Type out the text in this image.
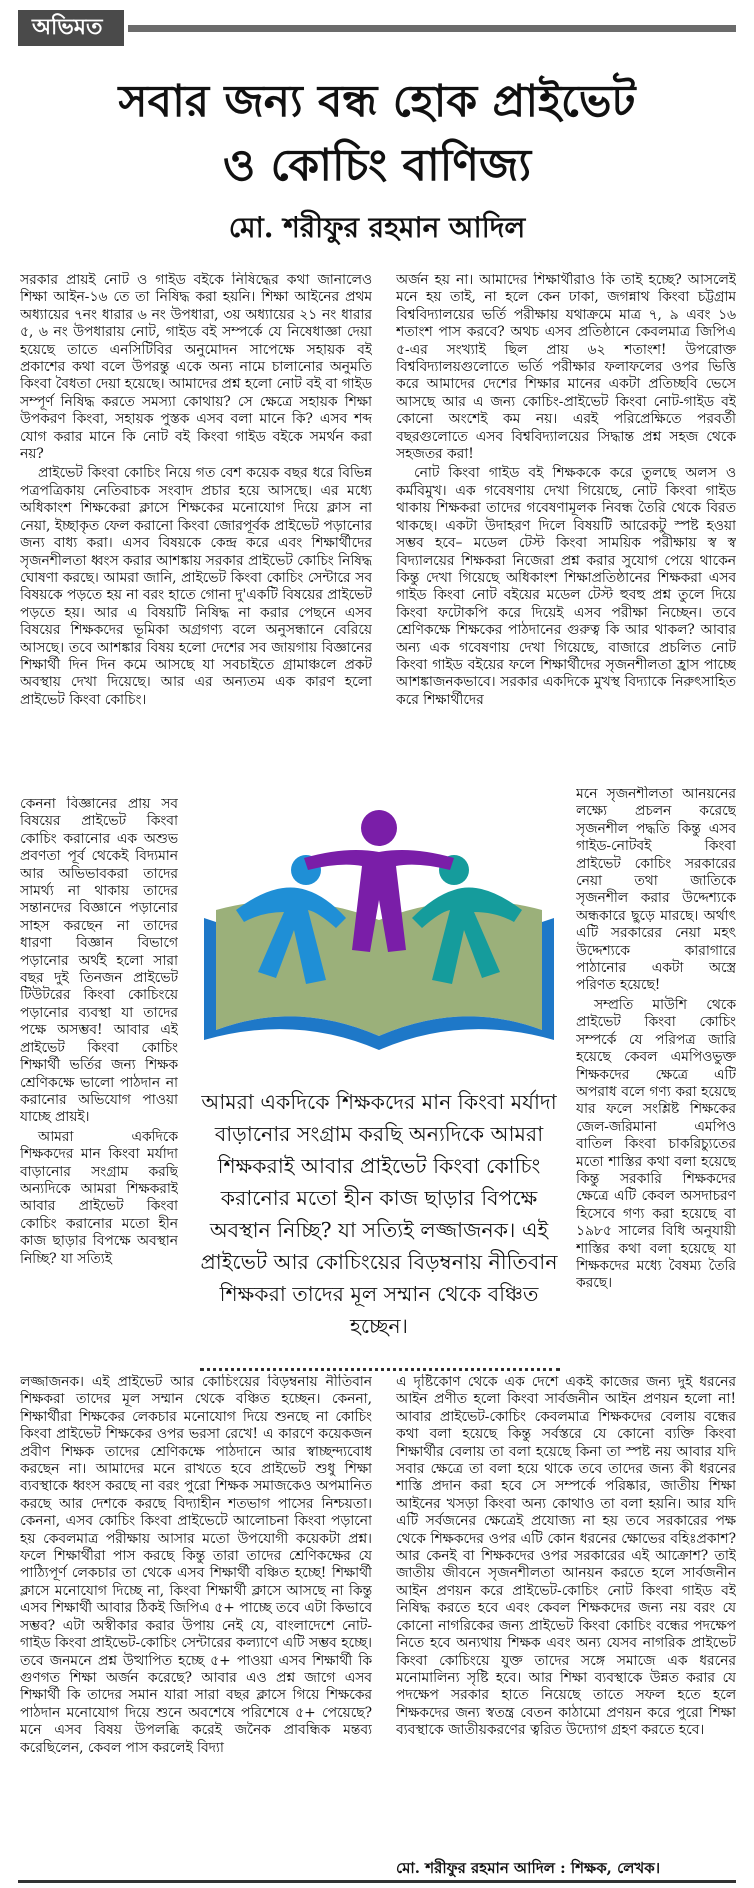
অভিমত
সবার জন্য বন্ধ হোক প্রাইভেট
ও কোচিং বাণিজ্য
মো. শরীফুর রহমান আদিল

সরকার প্রায়ই নোট ও গাইড বইকে নিষিদ্ধের কথা জানালেও শিক্ষা আইন-১৬ তে তা নিষিদ্ধ করা হয়নি। শিক্ষা আইনের প্রথম অধ্যায়ের ৭নং ধারার ৬ নং উপধারা, ৩য় অধ্যায়ের ২১ নং ধারার ৫, ৬ নং উপধারায় নোট, গাইড বই সম্পর্কে যে নিষেধাজ্ঞা দেয়া হয়েছে তাতে এনসিটিবির অনুমোদন সাপেক্ষে সহায়ক বই প্রকাশের কথা বলে উপরন্তু একে অন্য নামে চালানোর অনুমতি কিংবা বৈধতা দেয়া হয়েছে। আমাদের প্রশ্ন হলো নোট বই বা গাইড সম্পূর্ণ নিষিদ্ধ করতে সমস্যা কোথায়? সে ক্ষেত্রে সহায়ক শিক্ষা উপকরণ কিংবা, সহায়ক পুস্তক এসব বলা মানে কি? এসব শব্দ যোগ করার মানে কি নোট বই কিংবা গাইড বইকে সমর্থন করা নয়?

প্রাইভেট কিংবা কোচিং নিয়ে গত বেশ কয়েক বছর ধরে বিভিন্ন পত্রপত্রিকায় নেতিবাচক সংবাদ প্রচার হয়ে আসছে। এর মধ্যে অধিকাংশ শিক্ষকেরা ক্লাসে শিক্ষকের মনোযোগ দিয়ে ক্লাস না নেয়া, ইচ্ছাকৃত ফেল করানো কিংবা জোরপূর্বক প্রাইভেট পড়ানোর জন্য বাধ্য করা। এসব বিষয়কে কেন্দ্র করে এবং শিক্ষার্থীদের সৃজনশীলতা ধ্বংস করার আশঙ্কায় সরকার প্রাইভেট কোচিং নিষিদ্ধ ঘোষণা করছে। আমরা জানি, প্রাইভেট কিংবা কোচিং সেন্টারে সব বিষয়কে পড়তে হয় না বরং হাতে গোনা দু'একটি বিষয়ের প্রাইভেট পড়তে হয়। আর এ বিষয়টি নিষিদ্ধ না করার পেছনে এসব বিষয়ের শিক্ষকদের ভূমিকা অগ্রগণ্য বলে অনুসন্ধানে বেরিয়ে আসছে। তবে আশঙ্কার বিষয় হলো দেশের সব জায়গায় বিজ্ঞানের শিক্ষার্থী দিন দিন কমে আসছে যা সবচাইতে গ্রামাঞ্চলে প্রকট অবস্থায় দেখা দিয়েছে। আর এর অন্যতম এক কারণ হলো প্রাইভেট কিংবা কোচিং।

অর্জন হয় না। আমাদের শিক্ষার্থীরাও কি তাই হচ্ছে? আসলেই মনে হয় তাই, না হলে কেন ঢাকা, জগন্নাথ কিংবা চট্টগ্রাম বিশ্ববিদ্যালয়ের ভর্তি পরীক্ষায় যথাক্রমে মাত্র ৭, ৯ এবং ১৬ শতাংশ পাস করবে? অথচ এসব প্রতিষ্ঠানে কেবলমাত্র জিপিএ ৫-এর সংখ্যাই ছিল প্রায় ৬২ শতাংশ! উপরোক্ত বিশ্ববিদ্যালয়গুলোতে ভর্তি পরীক্ষার ফলাফলের ওপর ভিত্তি করে আমাদের দেশের শিক্ষার মানের একটা প্রতিচ্ছবি ভেসে আসছে আর এ জন্য কোচিং-প্রাইভেট কিংবা নোট-গাইড বই কোনো অংশেই কম নয়। এরই পরিপ্রেক্ষিতে পরবর্তী বছরগুলোতে এসব বিশ্ববিদ্যালয়ের সিদ্ধান্ত প্রশ্ন সহজ থেকে সহজতর করা!

নোট কিংবা গাইড বই শিক্ষককে করে তুলছে অলস ও কর্মবিমুখ। এক গবেষণায় দেখা গিয়েছে, নোট কিংবা গাইড থাকায় শিক্ষকরা তাদের গবেষণামূলক নিবন্ধ তৈরি থেকে বিরত থাকছে। একটা উদাহরণ দিলে বিষয়টি আরেকটু স্পষ্ট হওয়া সম্ভব হবে– মডেল টেস্ট কিংবা সাময়িক পরীক্ষায় স্ব স্ব বিদ্যালয়ের শিক্ষকরা নিজেরা প্রশ্ন করার সুযোগ পেয়ে থাকেন কিন্তু দেখা গিয়েছে অধিকাংশ শিক্ষাপ্রতিষ্ঠানের শিক্ষকরা এসব গাইড কিংবা নোট বইয়ের মডেল টেস্ট হুবহু প্রশ্ন তুলে দিয়ে কিংবা ফটোকপি করে দিয়েই এসব পরীক্ষা নিচ্ছেন। তবে শ্রেণিকক্ষে শিক্ষকের পাঠদানের গুরুত্ব কি আর থাকল? আবার অন্য এক গবেষণায় দেখা গিয়েছে, বাজারে প্রচলিত নোট কিংবা গাইড বইয়ের ফলে শিক্ষার্থীদের সৃজনশীলতা হ্রাস পাচ্ছে আশঙ্কাজনকভাবে। সরকার একদিকে মুখস্থ বিদ্যাকে নিরুৎসাহিত করে শিক্ষার্থীদের

কেননা বিজ্ঞানের প্রায় সব বিষয়ের প্রাইভেট কিংবা কোচিং করানোর এক অশুভ প্রবণতা পূর্ব থেকেই বিদ্যমান আর অভিভাবকরা তাদের সামর্থ্য না থাকায় তাদের সন্তানদের বিজ্ঞানে পড়ানোর সাহস করছেন না তাদের ধারণা বিজ্ঞান বিভাগে পড়ানোর অর্থই হলো সারা বছর দুই তিনজন প্রাইভেট টিউটরের কিংবা কোচিংয়ে পড়ানোর ব্যবস্থা যা তাদের পক্ষে অসম্ভব! আবার এই প্রাইভেট কিংবা কোচিং শিক্ষার্থী ভর্তির জন্য শিক্ষক শ্রেণিকক্ষে ভালো পাঠদান না করানোর অভিযোগ পাওয়া যাচ্ছে প্রায়ই।

আমরা একদিকে শিক্ষকদের মান কিংবা মর্যাদা বাড়ানোর সংগ্রাম করছি অন্যদিকে আমরা শিক্ষকরাই আবার প্রাইভেট কিংবা কোচিং করানোর মতো হীন কাজ ছাড়ার বিপক্ষে অবস্থান নিচ্ছি? যা সত্যিই

আমরা একদিকে শিক্ষকদের মান কিংবা মর্যাদা বাড়ানোর সংগ্রাম করছি অন্যদিকে আমরা শিক্ষকরাই আবার প্রাইভেট কিংবা কোচিং করানোর মতো হীন কাজ ছাড়ার বিপক্ষে অবস্থান নিচ্ছি? যা সত্যিই লজ্জাজনক। এই প্রাইভেট আর কোচিংয়ের বিড়ম্বনায় নীতিবান শিক্ষকরা তাদের মূল সম্মান থেকে বঞ্চিত হচ্ছেন।

মনে সৃজনশীলতা আনয়নের লক্ষ্যে প্রচলন করেছে সৃজনশীল পদ্ধতি কিন্তু এসব গাইড-নোটবই কিংবা প্রাইভেট কোচিং সরকারের নেয়া তথা জাতিকে সৃজনশীল করার উদ্দেশ্যকে অন্ধকারে ছুড়ে মারছে। অর্থাৎ এটি সরকারের নেয়া মহৎ উদ্দেশ্যকে কারাগারে পাঠানোর একটা অস্ত্রে পরিণত হয়েছে!

সম্প্রতি মাউশি থেকে প্রাইভেট কিংবা কোচিং সম্পর্কে যে পরিপত্র জারি হয়েছে কেবল এমপিওভুক্ত শিক্ষকদের ক্ষেত্রে এটি অপরাধ বলে গণ্য করা হয়েছে যার ফলে সংশ্লিষ্ট শিক্ষকের জেল-জরিমানা এমপিও বাতিল কিংবা চাকরিচ্যুতের মতো শাস্তির কথা বলা হয়েছে কিন্তু সরকারি শিক্ষকদের ক্ষেত্রে এটি কেবল অসদাচরণ হিসেবে গণ্য করা হয়েছে বা ১৯৮৫ সালের বিধি অনুযায়ী শাস্তির কথা বলা হয়েছে যা শিক্ষকদের মধ্যে বৈষম্য তৈরি করছে।

লজ্জাজনক। এই প্রাইভেট আর কোচিংয়ের বিড়ম্বনায় নীতিবান শিক্ষকরা তাদের মূল সম্মান থেকে বঞ্চিত হচ্ছেন। কেননা, শিক্ষার্থীরা শিক্ষকের লেকচার মনোযোগ দিয়ে শুনছে না কোচিং কিংবা প্রাইভেট শিক্ষকের ওপর ভরসা রেখে! এ কারণে কয়েকজন প্রবীণ শিক্ষক তাদের শ্রেণিকক্ষে পাঠদানে আর স্বাচ্ছন্দ্যবোধ করছেন না। আমাদের মনে রাখতে হবে প্রাইভেট শুধু শিক্ষা ব্যবস্থাকে ধ্বংস করছে না বরং পুরো শিক্ষক সমাজকেও অপমানিত করছে আর দেশকে করছে বিদ্যাহীন শতভাগ পাসের নিশ্চয়তা। কেননা, এসব কোচিং কিংবা প্রাইভেটে আলোচনা কিংবা পড়ানো হয় কেবলমাত্র পরীক্ষায় আসার মতো উপযোগী কয়েকটা প্রশ্ন। ফলে শিক্ষার্থীরা পাস করছে কিন্তু তারা তাদের শ্রেণিকক্ষের যে পাঠ্যিপূর্ণ লেকচার তা থেকে এসব শিক্ষার্থী বঞ্চিত হচ্ছে! শিক্ষার্থী ক্লাসে মনোযোগ দিচ্ছে না, কিংবা শিক্ষার্থী ক্লাসে আসছে না কিন্তু এসব শিক্ষার্থী আবার ঠিকই জিপিএ ৫+ পাচ্ছে তবে এটা কিভাবে সম্ভব? এটা অস্বীকার করার উপায় নেই যে, বাংলাদেশে নোট-গাইড কিংবা প্রাইভেট-কোচিং সেন্টারের কল্যাণে এটি সম্ভব হচ্ছে। তবে জনমনে প্রশ্ন উত্থাপিত হচ্ছে ৫+ পাওয়া এসব শিক্ষার্থী কি গুণগত শিক্ষা অর্জন করেছে? আবার এও প্রশ্ন জাগে এসব শিক্ষার্থী কি তাদের সমান যারা সারা বছর ক্লাসে গিয়ে শিক্ষকের পাঠদান মনোযোগ দিয়ে শুনে অবশেষে পরিশেষে ৫+ পেয়েছে? মনে এসব বিষয় উপলব্ধি করেই জনৈক প্রাবন্ধিক মন্তব্য করেছিলেন, কেবল পাস করলেই বিদ্যা

এ দৃষ্টিকোণ থেকে এক দেশে একই কাজের জন্য দুই ধরনের আইন প্রণীত হলো কিংবা সার্বজনীন আইন প্রণয়ন হলো না! আবার প্রাইভেট-কোচিং কেবলমাত্র শিক্ষকদের বেলায় বন্ধের কথা বলা হয়েছে কিন্তু সর্বস্তরে যে কোনো ব্যক্তি কিংবা শিক্ষার্থীর বেলায় তা বলা হয়েছে কিনা তা স্পষ্ট নয় আবার যদি সবার ক্ষেত্রে তা বলা হয়ে থাকে তবে তাদের জন্য কী ধরনের শাস্তি প্রদান করা হবে সে সম্পর্কে পরিষ্কার, জাতীয় শিক্ষা আইনের খসড়া কিংবা অন্য কোথাও তা বলা হয়নি। আর যদি এটি সর্বজনের ক্ষেত্রেই প্রযোজ্য না হয় তবে সরকারের পক্ষ থেকে শিক্ষকদের ওপর এটি কোন ধরনের ক্ষোভের বহিঃপ্রকাশ? আর কেনই বা শিক্ষকদের ওপর সরকারের এই আক্রোশ? তাই জাতীয় জীবনে সৃজনশীলতা আনয়ন করতে হলে সার্বজনীন আইন প্রণয়ন করে প্রাইভেট-কোচিং নোট কিংবা গাইড বই নিষিদ্ধ করতে হবে এবং কেবল শিক্ষকদের জন্য নয় বরং যে কোনো নাগরিকের জন্য প্রাইভেট কিংবা কোচিং বন্ধের পদক্ষেপ নিতে হবে অন্যথায় শিক্ষক এবং অন্য যেসব নাগরিক প্রাইভেট কিংবা কোচিংয়ে যুক্ত তাদের সঙ্গে সমাজে এক ধরনের মনোমালিন্য সৃষ্টি হবে। আর শিক্ষা ব্যবস্থাকে উন্নত করার যে পদক্ষেপ সরকার হাতে নিয়েছে তাতে সফল হতে হলে শিক্ষকদের জন্য স্বতন্ত্র বেতন কাঠামো প্রণয়ন করে পুরো শিক্ষা ব্যবস্থাকে জাতীয়করণের ত্বরিত উদ্যোগ গ্রহণ করতে হবে।

মো. শরীফুর রহমান আদিল : শিক্ষক, লেখক।
